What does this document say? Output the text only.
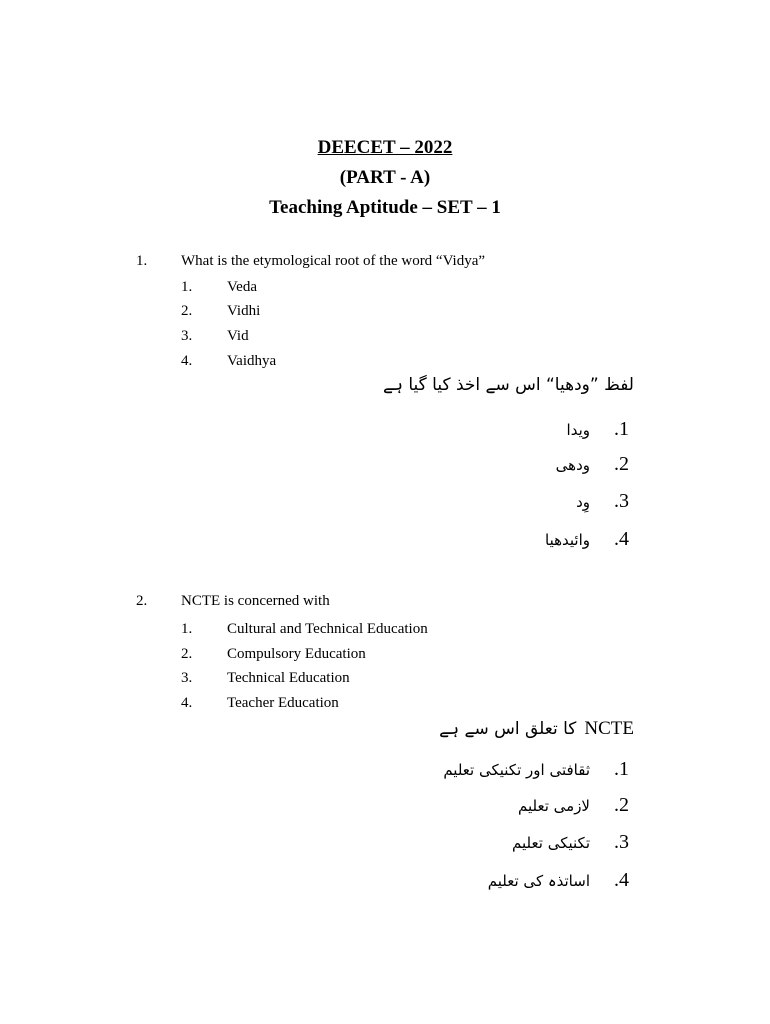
DEECET – 2022
(PART - A)
Teaching Aptitude – SET – 1
1. What is the etymological root of the word “Vidya”
1. Veda
2. Vidhi
3. Vid
4. Vaidhya
لفظ ”ودھیا“ اس سے اخذ کیا گیا ہے
ویدا .1
ودھی .2
وِد .3
وائیدھیا .4
2. NCTE is concerned with
1. Cultural and Technical Education
2. Compulsory Education
3. Technical Education
4. Teacher Education
NCTEکا تعلق اس سے ہے
ثقافتی اور تکنیکی تعلیم .1
لازمی تعلیم .2
تکنیکی تعلیم .3
اساتذہ کی تعلیم .4
